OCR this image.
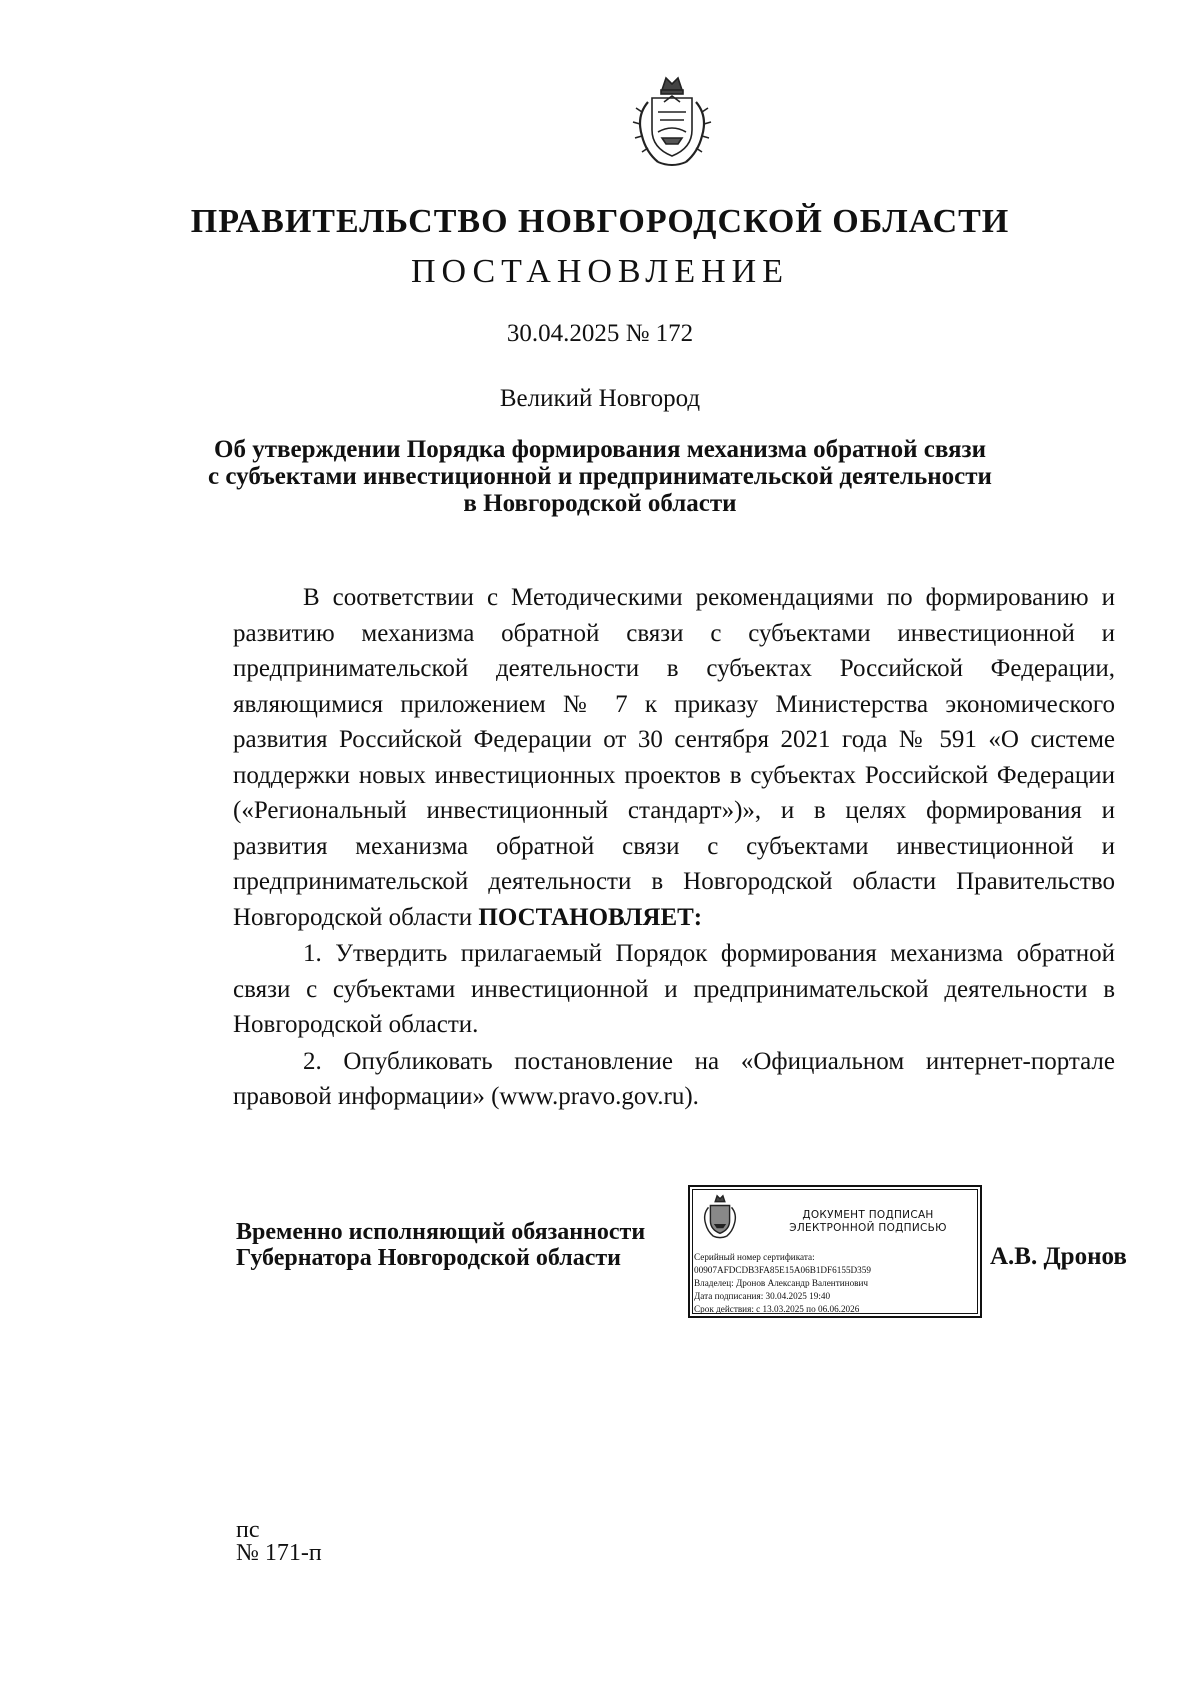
ПРАВИТЕЛЬСТВО НОВГОРОДСКОЙ ОБЛАСТИ
ПОСТАНОВЛЕНИЕ
30.04.2025 № 172
Великий Новгород
Об утверждении Порядка формирования механизма обратной связи
с субъектами инвестиционной и предпринимательской деятельности
в Новгородской области

В соответствии с Методическими рекомендациями по формированию и развитию механизма обратной связи с субъектами инвестиционной и предпринимательской деятельности в субъектах Российской Федерации, являющимися приложением № 7 к приказу Министерства экономического развития Российской Федерации от 30 сентября 2021 года № 591 «О системе поддержки новых инвестиционных проектов в субъектах Российской Федерации («Региональный инвестиционный стандарт»)», и в целях формирования и развития механизма обратной связи с субъектами инвестиционной и предпринимательской деятельности в Новгородской области Правительство Новгородской области ПОСТАНОВЛЯЕТ:

1. Утвердить прилагаемый Порядок формирования механизма обратной связи с субъектами инвестиционной и предпринимательской деятельности в Новгородской области.

2. Опубликовать постановление на «Официальном интернет-портале правовой информации» (www.pravo.gov.ru).

Временно исполняющий обязанности
Губернатора Новгородской области
ДОКУМЕНТ ПОДПИСАН
ЭЛЕКТРОННОЙ ПОДПИСЬЮ
Серийный номер сертификата:
00907AFDCDB3FA85E15A06B1DF6155D359
Владелец: Дронов Александр Валентинович
Дата подписания: 30.04.2025 19:40
Срок действия: с 13.03.2025 по 06.06.2026
А.В. Дронов
пс
№ 171-п
